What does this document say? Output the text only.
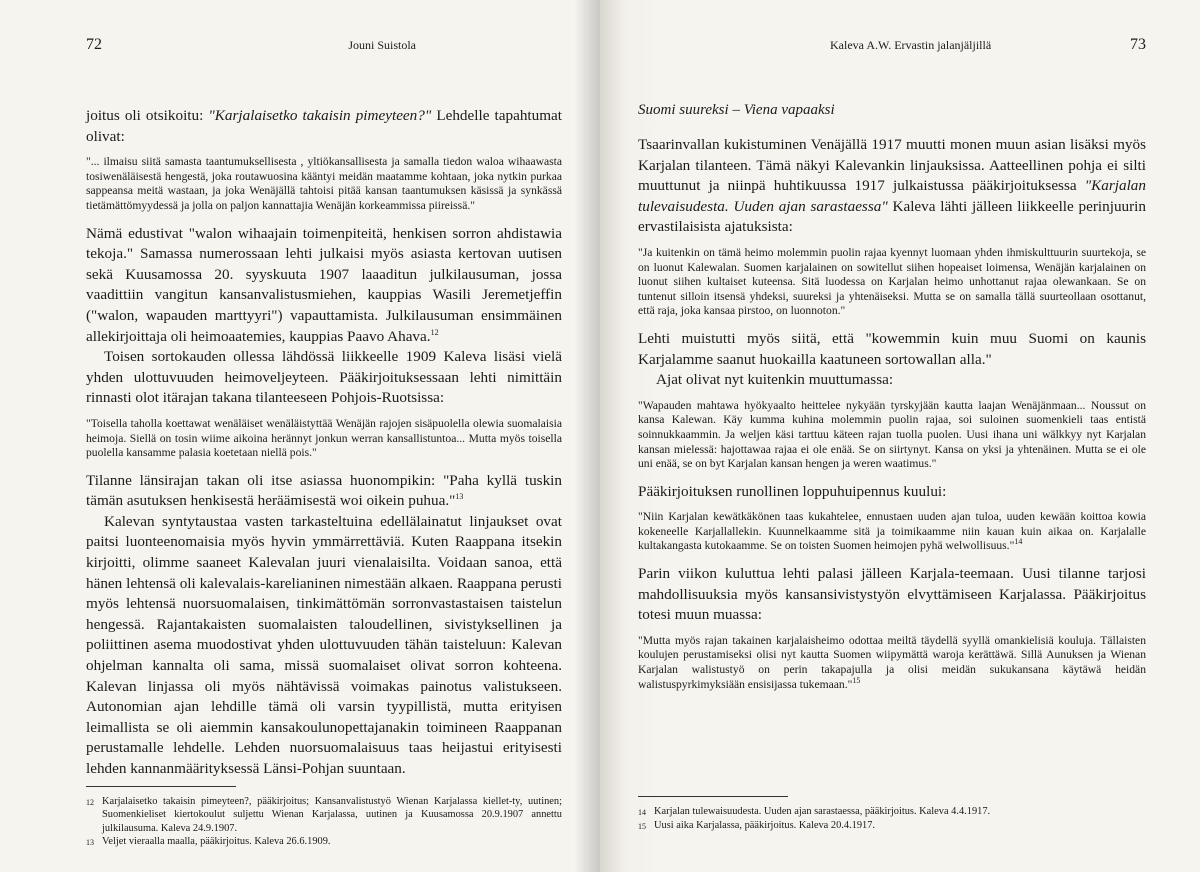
72	Jouni Suistola

joitus oli otsikoitu: "Karjalaisetko takaisin pimeyteen?" Lehdelle tapahtumat olivat:

"... ilmaisu siitä samasta taantumuksellisesta , yltiökansallisesta ja samalla tiedon waloa wihaawasta tosiwenäläisestä hengestä, joka routawuosina kääntyi meidän maatamme kohtaan, joka nytkin purkaa sappeansa meitä wastaan, ja joka Wenäjällä tahtoisi pitää kansan taantumuksen käsissä ja synkässä tietämättömyydessä ja jolla on paljon kannattajia Wenäjän korkeammissa piireissä."

Nämä edustivat "walon wihaajain toimenpiteitä, henkisen sorron ahdistawia tekoja." Samassa numerossaan lehti julkaisi myös asiasta kertovan uutisen sekä Kuusamossa 20. syyskuuta 1907 laaaditun julkilausuman, jossa vaadittiin vangitun kansanvalistusmiehen, kauppias Wasili Jeremetjeffin ("walon, wapauden marttyyri") vapauttamista. Julkilausuman ensimmäinen allekirjoittaja oli heimoaatemies, kauppias Paavo Ahava.$^{12}$

Toisen sortokauden ollessa lähdössä liikkeelle 1909 Kaleva lisäsi vielä yhden ulottuvuuden heimoveljeyteen. Pääkirjoituksessaan lehti nimittäin rinnasti olot itärajan takana tilanteeseen Pohjois-Ruotsissa:

"Toisella taholla koettawat wenäläiset wenäläistyttää Wenäjän rajojen sisäpuolella olewia suomalaisia heimoja. Siellä on tosin wiime aikoina herännyt jonkun werran kansallistuntoa... Mutta myös toisella puolella kansamme palasia koetetaan niellä pois."

Tilanne länsirajan takan oli itse asiassa huonompikin: "Paha kyllä tuskin tämän asutuksen henkisestä heräämisestä woi oikein puhua."$^{13}$

Kalevan syntytaustaa vasten tarkasteltuina edellälainatut linjaukset ovat paitsi luonteenomaisia myös hyvin ymmärrettäviä. Kuten Raappana itsekin kirjoitti, olimme saaneet Kalevalan juuri vienalaisilta. Voidaan sanoa, että hänen lehtensä oli kalevalais-karelianinen nimestään alkaen. Raappana perusti myös lehtensä nuorsuomalaisen, tinkimättömän sorronvastastaisen taistelun hengessä. Rajantakaisten suomalaisten taloudellinen, sivistyksellinen ja poliittinen asema muodostivat yhden ulottuvuuden tähän taisteluun: Kalevan ohjelman kannalta oli sama, missä suomalaiset olivat sorron kohteena. Kalevan linjassa oli myös nähtävissä voimakas painotus valistukseen. Autonomian ajan lehdille tämä oli varsin tyypillistä, mutta erityisen leimallista se oli aiemmin kansakoulunopettajanakin toimineen Raappanan perustamalle lehdelle. Lehden nuorsuomalaisuus taas heijastui erityisesti lehden kannanmäärityksessä Länsi-Pohjan suuntaan.

12 Karjalaisetko takaisin pimeyteen?, pääkirjoitus; Kansanvalistustyö Wienan Karjalassa kiellet-ty, uutinen; Suomenkieliset kiertokoulut suljettu Wienan Karjalassa, uutinen ja Kuusamossa 20.9.1907 annettu julkilausuma. Kaleva 24.9.1907.
13 Veljet vieraalla maalla, pääkirjoitus. Kaleva 26.6.1909.
Kaleva A.W. Ervastin jalanjäljillä	73

Suomi suureksi – Viena vapaaksi

Tsaarinvallan kukistuminen Venäjällä 1917 muutti monen muun asian lisäksi myös Karjalan tilanteen. Tämä näkyi Kalevankin linjauksissa. Aatteellinen pohja ei silti muuttunut ja niinpä huhtikuussa 1917 julkaistussa pääkirjoituksessa "Karjalan tulevaisudesta. Uuden ajan sarastaessa" Kaleva lähti jälleen liikkeelle perinjuurin ervastilaisista ajatuksista:

"Ja kuitenkin on tämä heimo molemmin puolin rajaa kyennyt luomaan yhden ihmiskulttuurin suurtekoja, se on luonut Kalewalan. Suomen karjalainen on sowitellut siihen hopeaiset loimensa, Wenäjän karjalainen on luonut siihen kultaiset kuteensa. Sitä luodessa on Karjalan heimo unhottanut rajaa olewankaan. Se on tuntenut silloin itsensä yhdeksi, suureksi ja yhtenäiseksi. Mutta se on samalla tällä suurteollaan osottanut, että raja, joka kansaa pirstoo, on luonnoton."

Lehti muistutti myös siitä, että "kowemmin kuin muu Suomi on kaunis Karjalamme saanut huokailla kaatuneen sortowallan alla."

Ajat olivat nyt kuitenkin muuttumassa:

"Wapauden mahtawa hyökyaalto heittelee nykyään tyrskyjään kautta laajan Wenäjänmaan... Noussut on kansa Kalewan. Käy kumma kuhina molemmin puolin rajaa, soi suloinen suomenkieli taas entistä soinnukkaammin. Ja weljen käsi tarttuu käteen rajan tuolla puolen. Uusi ihana uni wälkkyy nyt Karjalan kansan mielessä: hajottawaa rajaa ei ole enää. Se on siirtynyt. Kansa on yksi ja yhtenäinen. Mutta se ei ole uni enää, se on byt Karjalan kansan hengen ja weren waatimus."

Pääkirjoituksen runollinen loppuhuipennus kuului:

"Niin Karjalan kewätkäkönen taas kukahtelee, ennustaen uuden ajan tuloa, uuden kewään koittoa kowia kokeneelle Karjallallekin. Kuunnelkaamme sitä ja toimikaamme niin kauan kuin aikaa on. Karjalalle kultakangasta kutokaamme. Se on toisten Suomen heimojen pyhä welwollisuus."$^{14}$

Parin viikon kuluttua lehti palasi jälleen Karjala-teemaan. Uusi tilanne tarjosi mahdollisuuksia myös kansansivistystyön elvyttämiseen Karjalassa. Pääkirjoitus totesi muun muassa:

"Mutta myös rajan takainen karjalaisheimo odottaa meiltä täydellä syyllä omankielisiä kouluja. Tällaisten koulujen perustamiseksi olisi nyt kautta Suomen wiipymättä waroja kerättäwä. Sillä Aunuksen ja Wienan Karjalan walistustyö on perin takapajulla ja olisi meidän sukukansana käytäwä heidän walistuspyrkimyksiään ensisijassa tukemaan."$^{15}$

14 Karjalan tulewaisuudesta. Uuden ajan sarastaessa, pääkirjoitus. Kaleva 4.4.1917.
15 Uusi aika Karjalassa, pääkirjoitus. Kaleva 20.4.1917.
